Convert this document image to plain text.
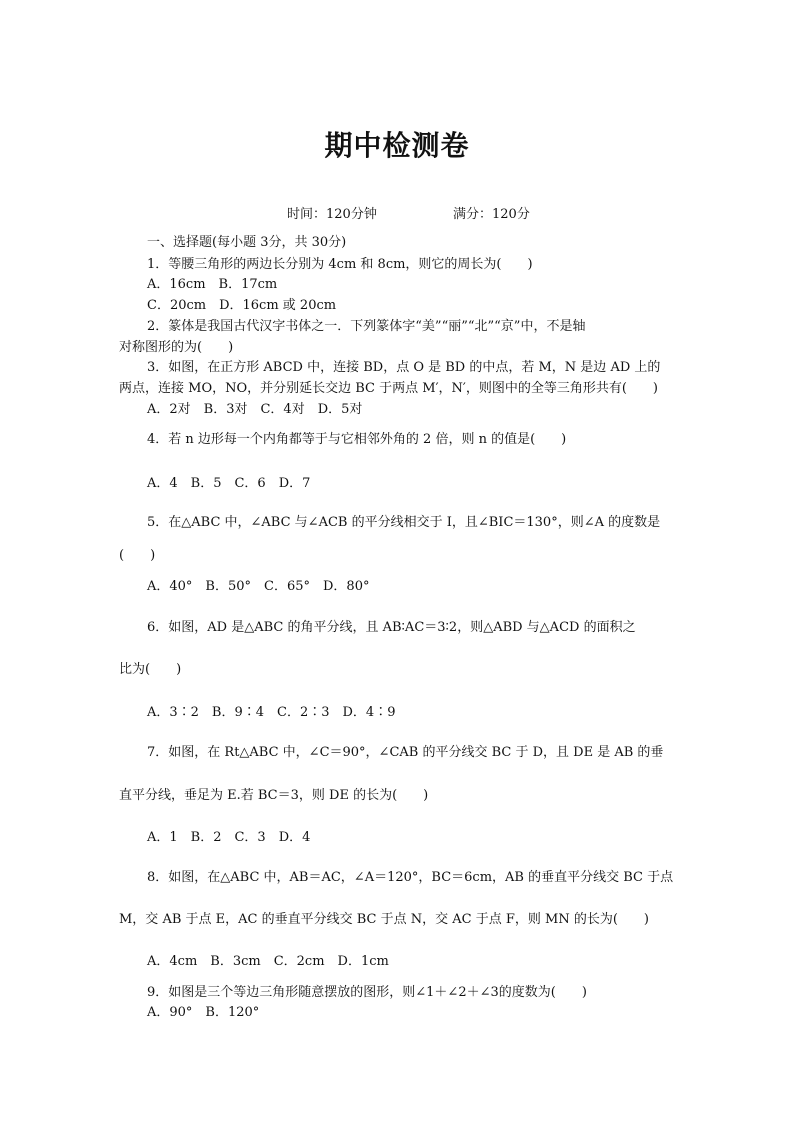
期中检测卷
时间：120分钟	满分：120分
一、选择题(每小题 3分，共 30分)
1．等腰三角形的两边长分别为 4cm 和 8cm，则它的周长为(　　)
A．16cm　B．17cm
C．20cm　D．16cm 或 20cm
2．篆体是我国古代汉字书体之一．下列篆体字“美”“丽”“北”“京”中，不是轴
对称图形的为(　　)
3．如图，在正方形 ABCD 中，连接 BD，点 O 是 BD 的中点，若 M，N 是边 AD 上的
两点，连接 MO，NO，并分别延长交边 BC 于两点 M′，N′，则图中的全等三角形共有(　　)
A．2对　B．3对　C．4对　D．5对
4．若 n 边形每一个内角都等于与它相邻外角的 2 倍，则 n 的值是(　　)
A．4　B．5　C．6　D．7
5．在△ABC 中，∠ABC 与∠ACB 的平分线相交于 I，且∠BIC＝130°，则∠A 的度数是
(　　)
A．40°　B．50°　C．65°　D．80°
6．如图，AD 是△ABC 的角平分线，且 AB∶AC＝3∶2，则△ABD 与△ACD 的面积之
比为(　　)
A．3∶2　B．9∶4　C．2∶3　D．4∶9
7．如图，在 Rt△ABC 中，∠C＝90°，∠CAB 的平分线交 BC 于 D，且 DE 是 AB 的垂
直平分线，垂足为 E.若 BC＝3，则 DE 的长为(　　)
A．1　B．2　C．3　D．4
8．如图，在△ABC 中，AB＝AC，∠A＝120°，BC＝6cm，AB 的垂直平分线交 BC 于点
M，交 AB 于点 E，AC 的垂直平分线交 BC 于点 N，交 AC 于点 F，则 MN 的长为(　　)
A．4cm　B．3cm　C．2cm　D．1cm
9．如图是三个等边三角形随意摆放的图形，则∠1＋∠2＋∠3的度数为(　　)
A．90°　B．120°
